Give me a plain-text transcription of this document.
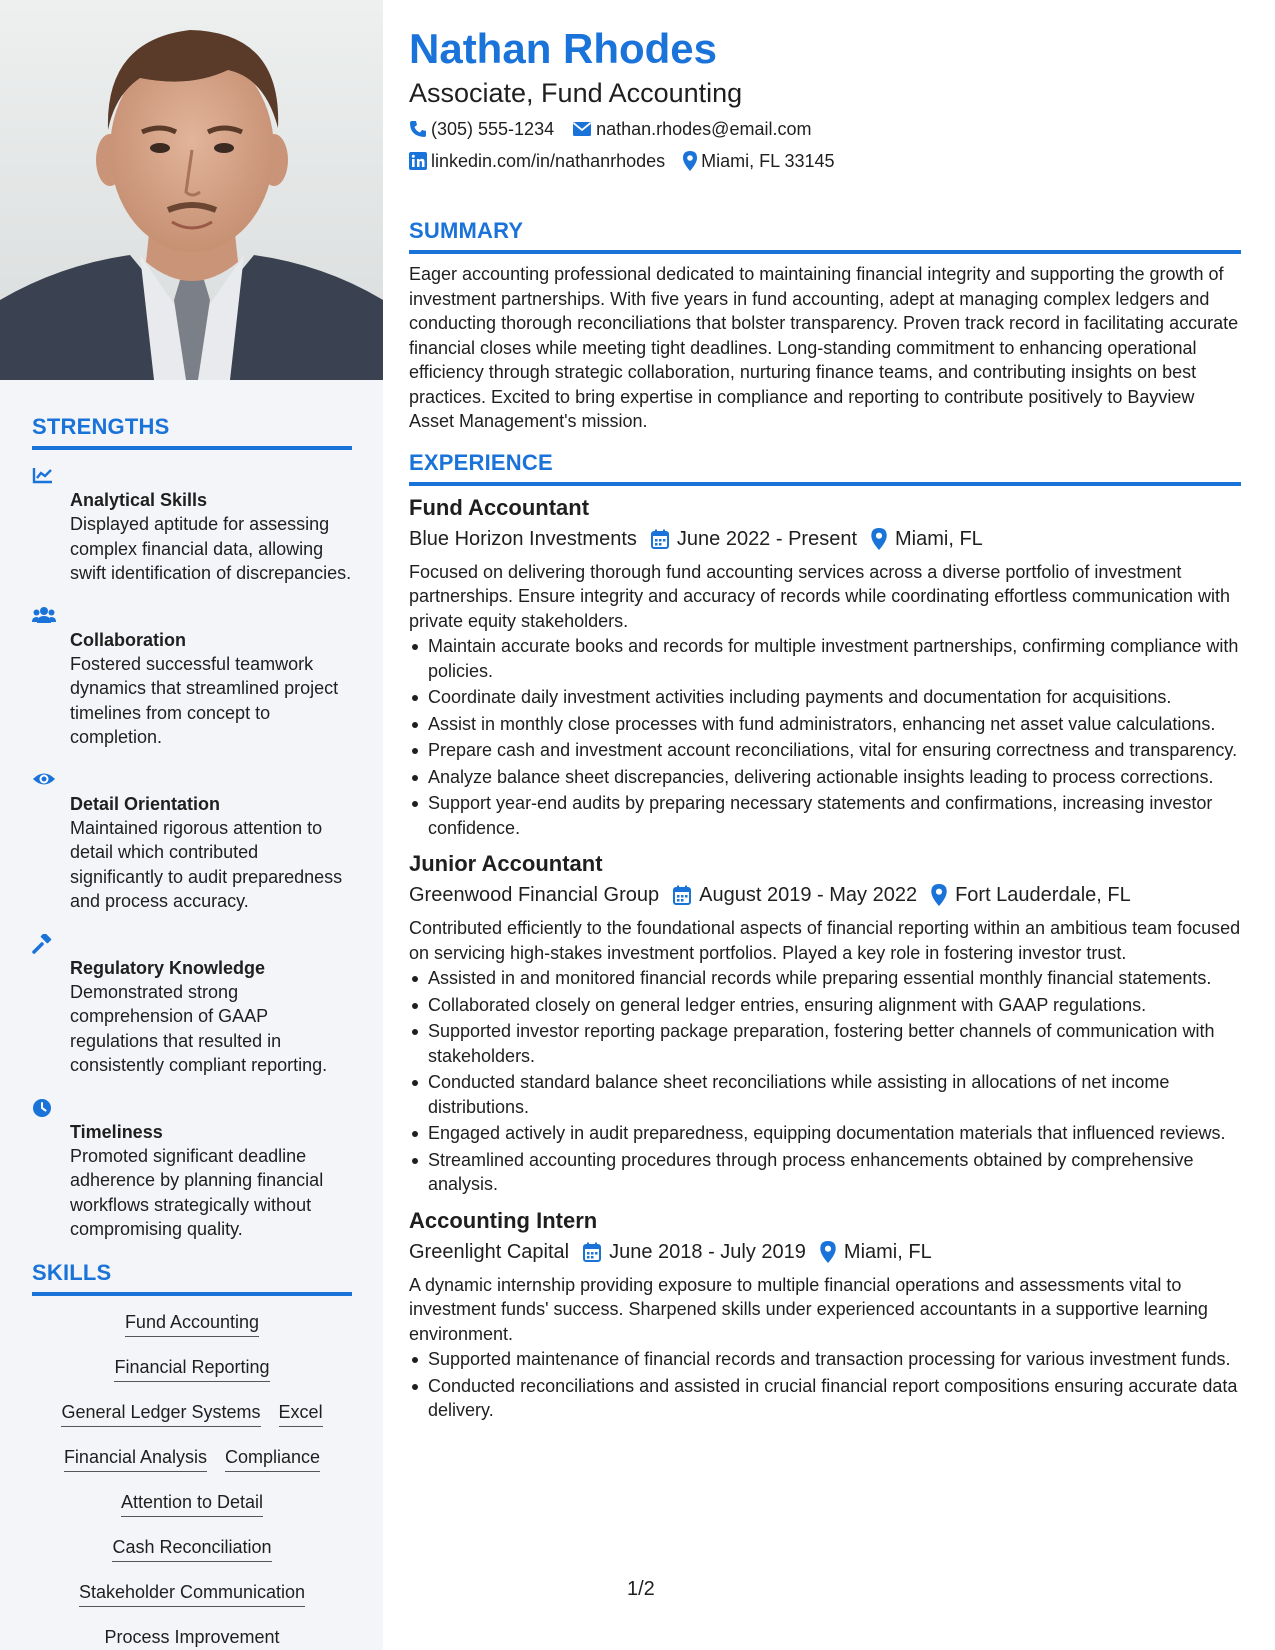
STRENGTHS
Analytical Skills
Displayed aptitude for assessing complex financial data, allowing swift identification of discrepancies.
Collaboration
Fostered successful teamwork dynamics that streamlined project timelines from concept to completion.
Detail Orientation
Maintained rigorous attention to detail which contributed significantly to audit preparedness and process accuracy.
Regulatory Knowledge
Demonstrated strong comprehension of GAAP regulations that resulted in consistently compliant reporting.
Timeliness
Promoted significant deadline adherence by planning financial workflows strategically without compromising quality.
SKILLS
Fund Accounting
Financial Reporting
General Ledger Systems Excel
Financial Analysis Compliance
Attention to Detail
Cash Reconciliation
Stakeholder Communication
Process Improvement
Nathan Rhodes
Associate, Fund Accounting
(305) 555-1234 nathan.rhodes@email.com
linkedin.com/in/nathanrhodes Miami, FL 33145
SUMMARY
Eager accounting professional dedicated to maintaining financial integrity and supporting the growth of investment partnerships. With five years in fund accounting, adept at managing complex ledgers and conducting thorough reconciliations that bolster transparency. Proven track record in facilitating accurate financial closes while meeting tight deadlines. Long-standing commitment to enhancing operational efficiency through strategic collaboration, nurturing finance teams, and contributing insights on best practices. Excited to bring expertise in compliance and reporting to contribute positively to Bayview Asset Management's mission.
EXPERIENCE
Fund Accountant
Blue Horizon Investments June 2022 - Present Miami, FL
Focused on delivering thorough fund accounting services across a diverse portfolio of investment partnerships. Ensure integrity and accuracy of records while coordinating effortless communication with private equity stakeholders.
Maintain accurate books and records for multiple investment partnerships, confirming compliance with policies.
Coordinate daily investment activities including payments and documentation for acquisitions.
Assist in monthly close processes with fund administrators, enhancing net asset value calculations.
Prepare cash and investment account reconciliations, vital for ensuring correctness and transparency.
Analyze balance sheet discrepancies, delivering actionable insights leading to process corrections.
Support year-end audits by preparing necessary statements and confirmations, increasing investor confidence.
Junior Accountant
Greenwood Financial Group August 2019 - May 2022 Fort Lauderdale, FL
Contributed efficiently to the foundational aspects of financial reporting within an ambitious team focused on servicing high-stakes investment portfolios. Played a key role in fostering investor trust.
Assisted in and monitored financial records while preparing essential monthly financial statements.
Collaborated closely on general ledger entries, ensuring alignment with GAAP regulations.
Supported investor reporting package preparation, fostering better channels of communication with stakeholders.
Conducted standard balance sheet reconciliations while assisting in allocations of net income distributions.
Engaged actively in audit preparedness, equipping documentation materials that influenced reviews.
Streamlined accounting procedures through process enhancements obtained by comprehensive analysis.
Accounting Intern
Greenlight Capital June 2018 - July 2019 Miami, FL
A dynamic internship providing exposure to multiple financial operations and assessments vital to investment funds' success. Sharpened skills under experienced accountants in a supportive learning environment.
Supported maintenance of financial records and transaction processing for various investment funds.
Conducted reconciliations and assisted in crucial financial report compositions ensuring accurate data delivery.
1/2
